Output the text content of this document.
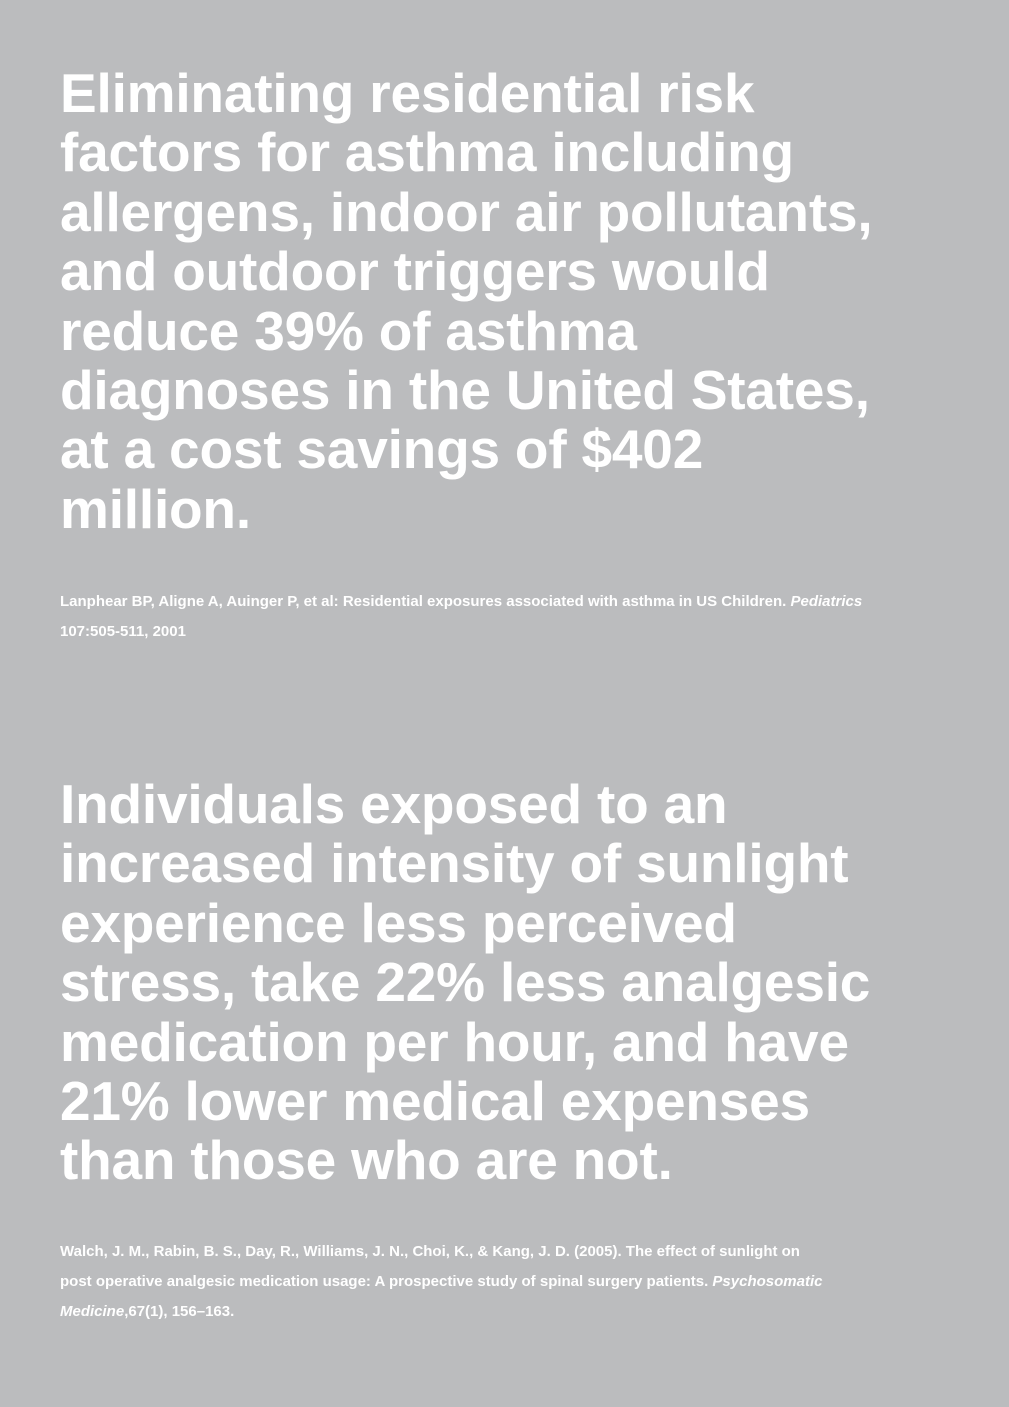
Eliminating residential risk
factors for asthma including
allergens, indoor air pollutants,
and outdoor triggers would
reduce 39% of asthma
diagnoses in the United States,
at a cost savings of $402
million.

Lanphear BP, Aligne A, Auinger P, et al: Residential exposures associated with asthma in US Children. Pediatrics
107:505-511, 2001

Individuals exposed to an
increased intensity of sunlight
experience less perceived
stress, take 22% less analgesic
medication per hour, and have
21% lower medical expenses
than those who are not.

Walch, J. M., Rabin, B. S., Day, R., Williams, J. N., Choi, K., & Kang, J. D. (2005). The effect of sunlight on
post operative analgesic medication usage: A prospective study of spinal surgery patients. Psychosomatic
Medicine,67(1), 156–163.
